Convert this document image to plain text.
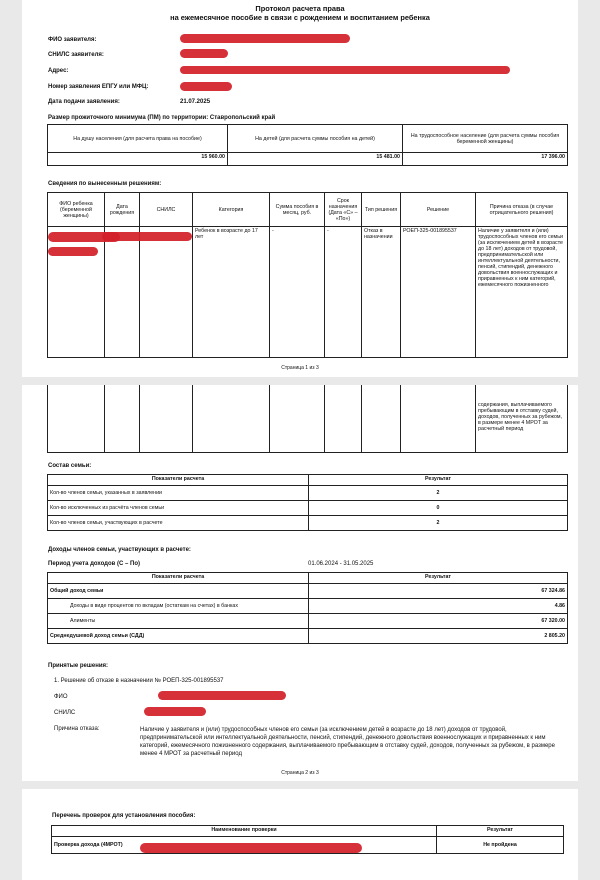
Протокол расчета права
на ежемесячное пособие в связи с рождением и воспитанием ребенка
ФИО заявителя:
СНИЛС заявителя:
Адрес:
Номер заявления ЕПГУ или МФЦ:
Дата подачи заявления:	21.07.2025
Размер прожиточного минимума (ПМ) по территории: Ставропольский край
На душу населения (для расчета права на пособие)	На детей (для расчета суммы пособия на детей)	На трудоспособное население (для расчета суммы пособия беременной женщины)
15 960.00	15 481.00	17 396.00
Сведения по вынесенным решениям:
ФИО ребенка (беременной женщины)	Дата рождения	СНИЛС	Категория	Сумма пособия в месяц, руб.	Срок назначения (Дата «С» – «По»)	Тип решения	Решение	Причина отказа (в случае отрицательного решения)
			Ребенок в возрасте до 17 лет	-	-	Отказ в назначении	РОЕП-325-001895537	Наличие у заявителя и (или) трудоспособных членов его семьи (за исключением детей в возрасте до 18 лет) доходов от трудовой, предпринимательской или интеллектуальной деятельности, пенсий, стипендий, денежного довольствия военнослужащих и приравненных к ним категорий, ежемесячного пожизненного
Страница 1 из 3
								содержания, выплачиваемого пребывающим в отставку судей, доходов, полученных за рубежом, в размере менее 4 МРОТ за расчетный период
Состав семьи:
Показатели расчета	Результат
Кол-во членов семьи, указанных в заявлении	2
Кол-во исключенных из расчёта членов семьи	0
Кол-во членов семьи, участвующих в расчете	2
Доходы членов семьи, участвующих в расчете:
Период учета доходов (С – По)	01.06.2024 - 31.05.2025
Показатели расчета	Результат
Общий доход семьи	67 324.86
Доходы в виде процентов по вкладам (остаткам на счетах) в банках	4.86
Алименты	67 320.00
Среднедушевой доход семьи (СДД)	2 805.20
Принятые решения:
1. Решение об отказе в назначении № РОЕП-325-001895537
ФИО
СНИЛС
Причина отказа:	Наличие у заявителя и (или) трудоспособных членов его семьи (за исключением детей в возрасте до 18 лет) доходов от трудовой, предпринимательской или интеллектуальной деятельности, пенсий, стипендий, денежного довольствия военнослужащих и приравненных к ним категорий, ежемесячного пожизненного содержания, выплачиваемого пребывающим в отставку судей, доходов, полученных за рубежом, в размере менее 4 МРОТ за расчетный период
Страница 2 из 3
Перечень проверок для установления пособия:
Наименование проверки	Результат
Проверка дохода (4МРОТ)	Не пройдена
